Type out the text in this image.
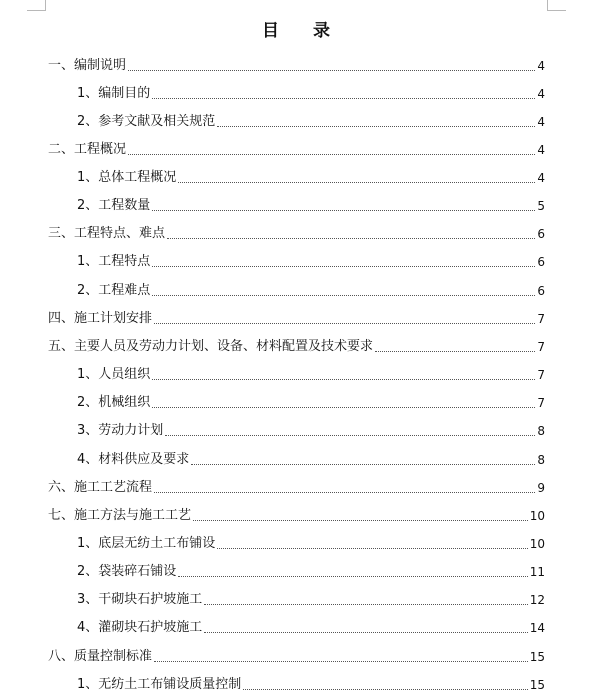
目 录
一、编制说明	4
1、编制目的	4
2、参考文献及相关规范	4
二、工程概况	4
1、总体工程概况	4
2、工程数量	5
三、工程特点、难点	6
1、工程特点	6
2、工程难点	6
四、施工计划安排	7
五、主要人员及劳动力计划、设备、材料配置及技术要求	7
1、人员组织	7
2、机械组织	7
3、劳动力计划	8
4、材料供应及要求	8
六、施工工艺流程	9
七、施工方法与施工工艺	10
1、底层无纺土工布铺设	10
2、袋装碎石铺设	11
3、干砌块石护坡施工	12
4、灌砌块石护坡施工	14
八、质量控制标准	15
1、无纺土工布铺设质量控制	15
